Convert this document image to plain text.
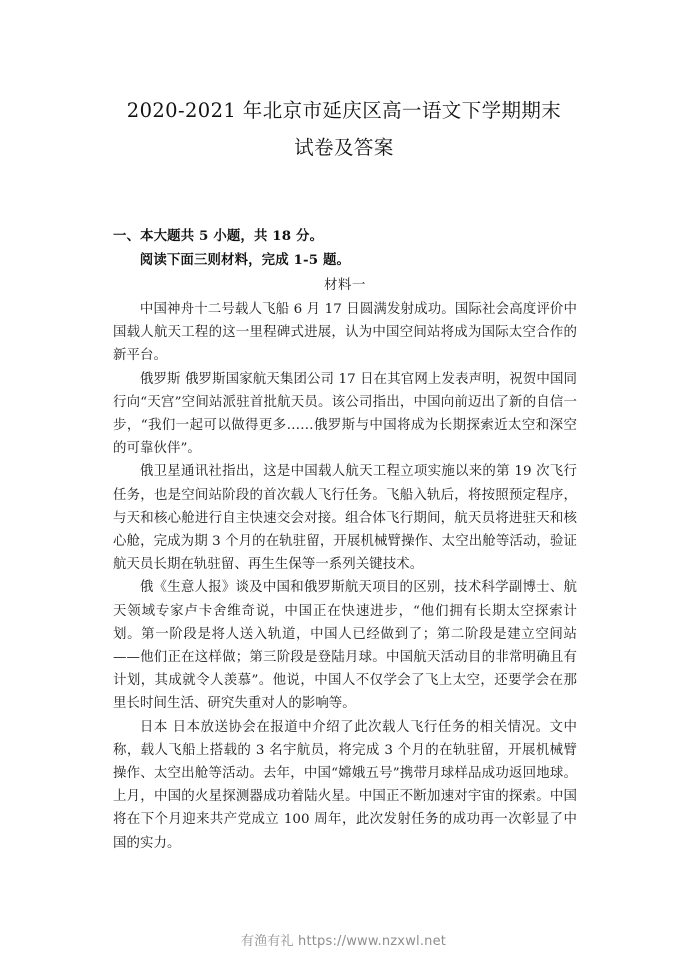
2020-2021 年北京市延庆区高一语文下学期期末
试卷及答案
一、本大题共 5 小题，共 18 分。
阅读下面三则材料，完成 1-5 题。
材料一

中国神舟十二号载人飞船 6 月 17 日圆满发射成功。国际社会高度评价中国载人航天工程的这一里程碑式进展，认为中国空间站将成为国际太空合作的新平台。

俄罗斯 俄罗斯国家航天集团公司 17 日在其官网上发表声明，祝贺中国同行向“天宫”空间站派驻首批航天员。该公司指出，中国向前迈出了新的自信一步，“我们一起可以做得更多……俄罗斯与中国将成为长期探索近太空和深空的可靠伙伴”。

俄卫星通讯社指出，这是中国载人航天工程立项实施以来的第 19 次飞行任务，也是空间站阶段的首次载人飞行任务。飞船入轨后，将按照预定程序，与天和核心舱进行自主快速交会对接。组合体飞行期间，航天员将进驻天和核心舱，完成为期 3 个月的在轨驻留，开展机械臂操作、太空出舱等活动，验证航天员长期在轨驻留、再生生保等一系列关键技术。

俄《生意人报》谈及中国和俄罗斯航天项目的区别，技术科学副博士、航天领域专家卢卡舍维奇说，中国正在快速进步，“他们拥有长期太空探索计划。第一阶段是将人送入轨道，中国人已经做到了；第二阶段是建立空间站——他们正在这样做；第三阶段是登陆月球。中国航天活动目的非常明确且有计划，其成就令人羡慕”。他说，中国人不仅学会了飞上太空，还要学会在那里长时间生活、研究失重对人的影响等。

日本 日本放送协会在报道中介绍了此次载人飞行任务的相关情况。文中称，载人飞船上搭载的 3 名宇航员，将完成 3 个月的在轨驻留，开展机械臂操作、太空出舱等活动。去年，中国“嫦娥五号”携带月球样品成功返回地球。上月，中国的火星探测器成功着陆火星。中国正不断加速对宇宙的探索。中国将在下个月迎来共产党成立 100 周年，此次发射任务的成功再一次彰显了中国的实力。

有渔有礼 https://www.nzxwl.net
